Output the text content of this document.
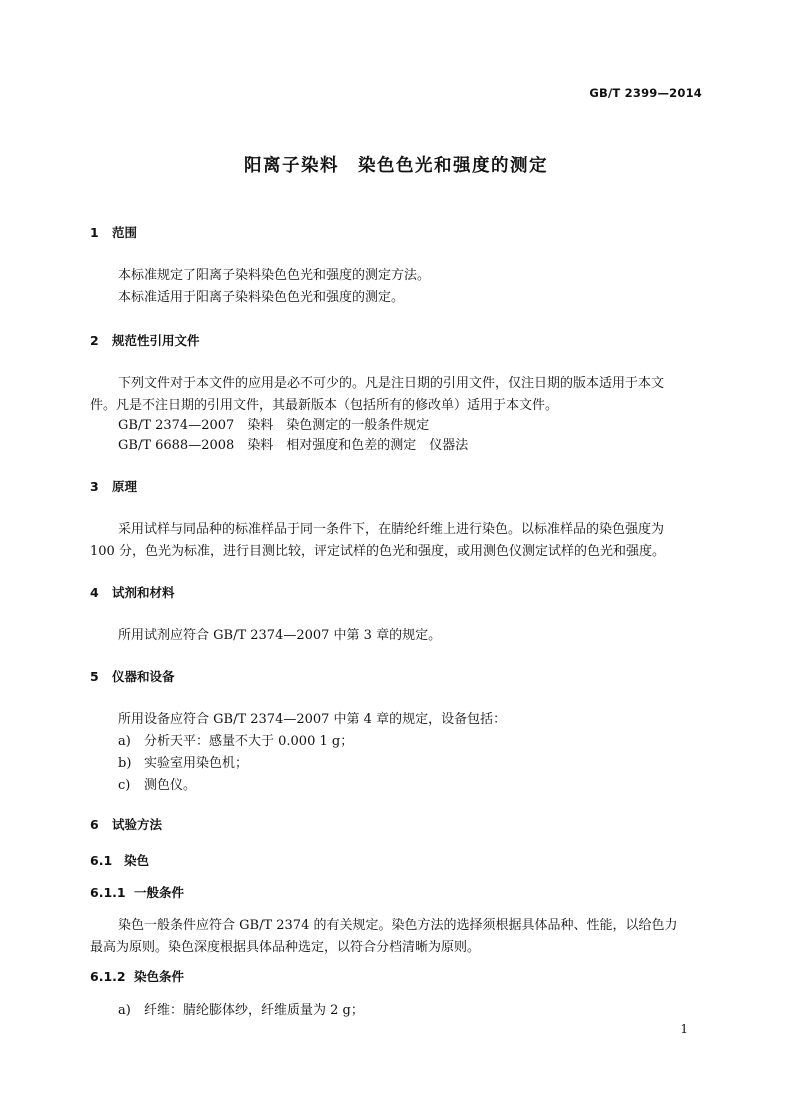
GB/T 2399—2014
阳离子染料　染色色光和强度的测定
1 范围
本标准规定了阳离子染料染色色光和强度的测定方法。
本标准适用于阳离子染料染色色光和强度的测定。
2 规范性引用文件
下列文件对于本文件的应用是必不可少的。凡是注日期的引用文件，仅注日期的版本适用于本文
件。凡是不注日期的引用文件，其最新版本（包括所有的修改单）适用于本文件。
GB/T 2374—2007　染料　染色测定的一般条件规定
GB/T 6688—2008　染料　相对强度和色差的测定　仪器法
3 原理
采用试样与同品种的标准样品于同一条件下，在腈纶纤维上进行染色。以标准样品的染色强度为
100 分，色光为标准，进行目测比较，评定试样的色光和强度，或用测色仪测定试样的色光和强度。
4 试剂和材料
所用试剂应符合 GB/T 2374—2007 中第 3 章的规定。
5 仪器和设备
所用设备应符合 GB/T 2374—2007 中第 4 章的规定，设备包括：
a) 分析天平：感量不大于 0.000 1 g；
b) 实验室用染色机；
c) 测色仪。
6 试验方法
6.1 染色
6.1.1 一般条件
染色一般条件应符合 GB/T 2374 的有关规定。染色方法的选择须根据具体品种、性能，以给色力
最高为原则。染色深度根据具体品种选定，以符合分档清晰为原则。
6.1.2 染色条件
a) 纤维：腈纶膨体纱，纤维质量为 2 g；
1
